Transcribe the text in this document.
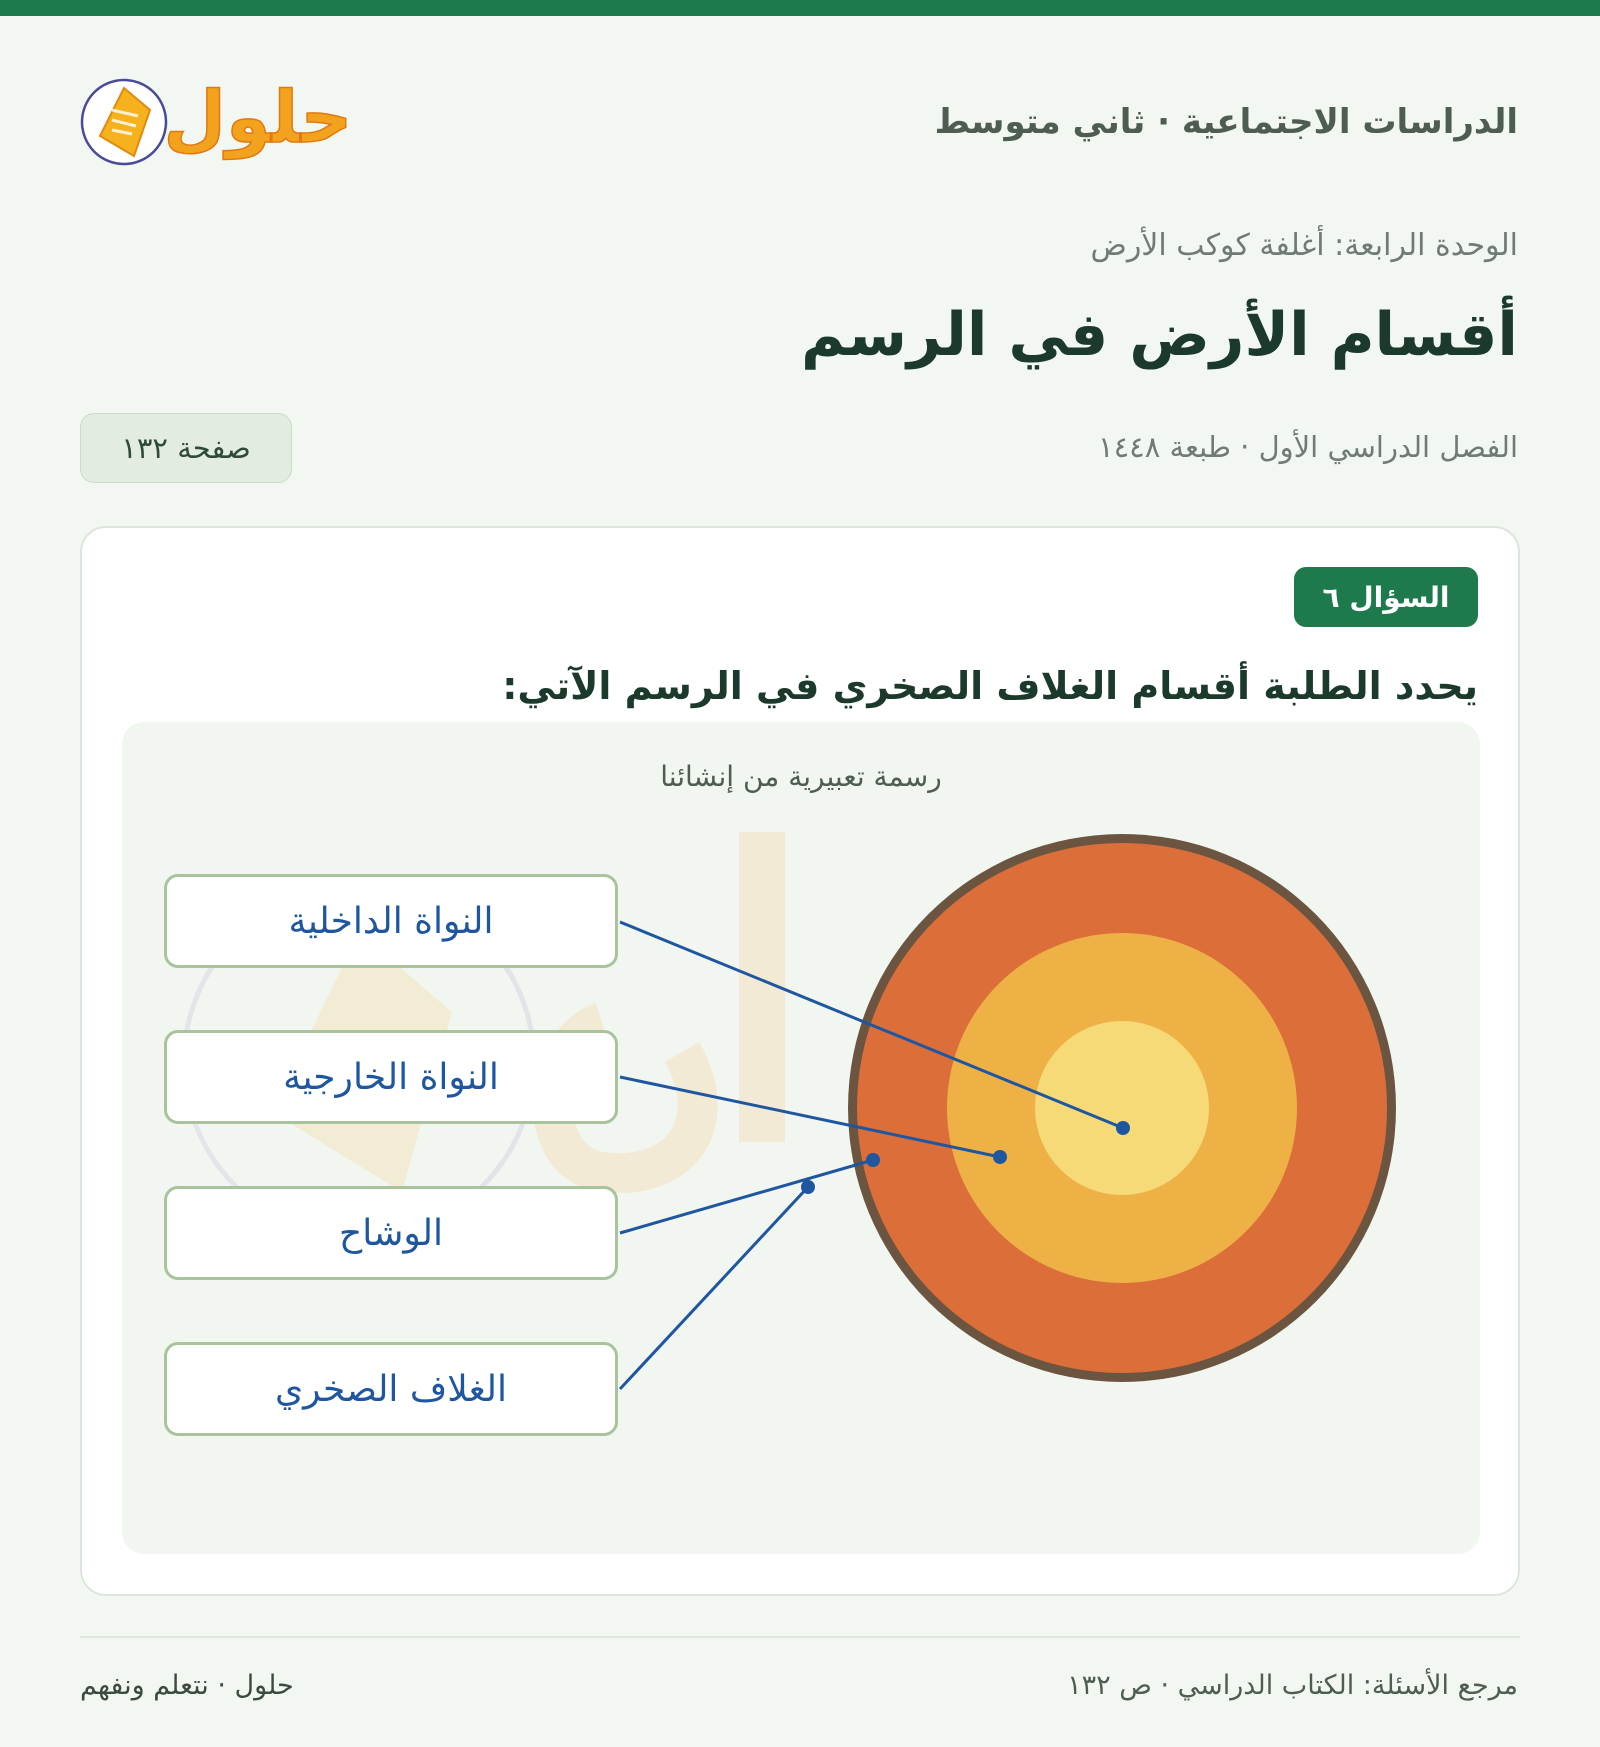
الدراسات الاجتماعية · ثاني متوسط
حلول
الوحدة الرابعة: أغلفة كوكب الأرض
أقسام الأرض في الرسم
الفصل الدراسي الأول · طبعة ١٤٤٨
صفحة ١٣٢
السؤال ٦
يحدد الطلبة أقسام الغلاف الصخري في الرسم الآتي:
رسمة تعبيرية من إنشائنا
النواة الداخلية
النواة الخارجية
الوشاح
الغلاف الصخري
مرجع الأسئلة: الكتاب الدراسي · ص ١٣٢
حلول · نتعلم ونفهم
